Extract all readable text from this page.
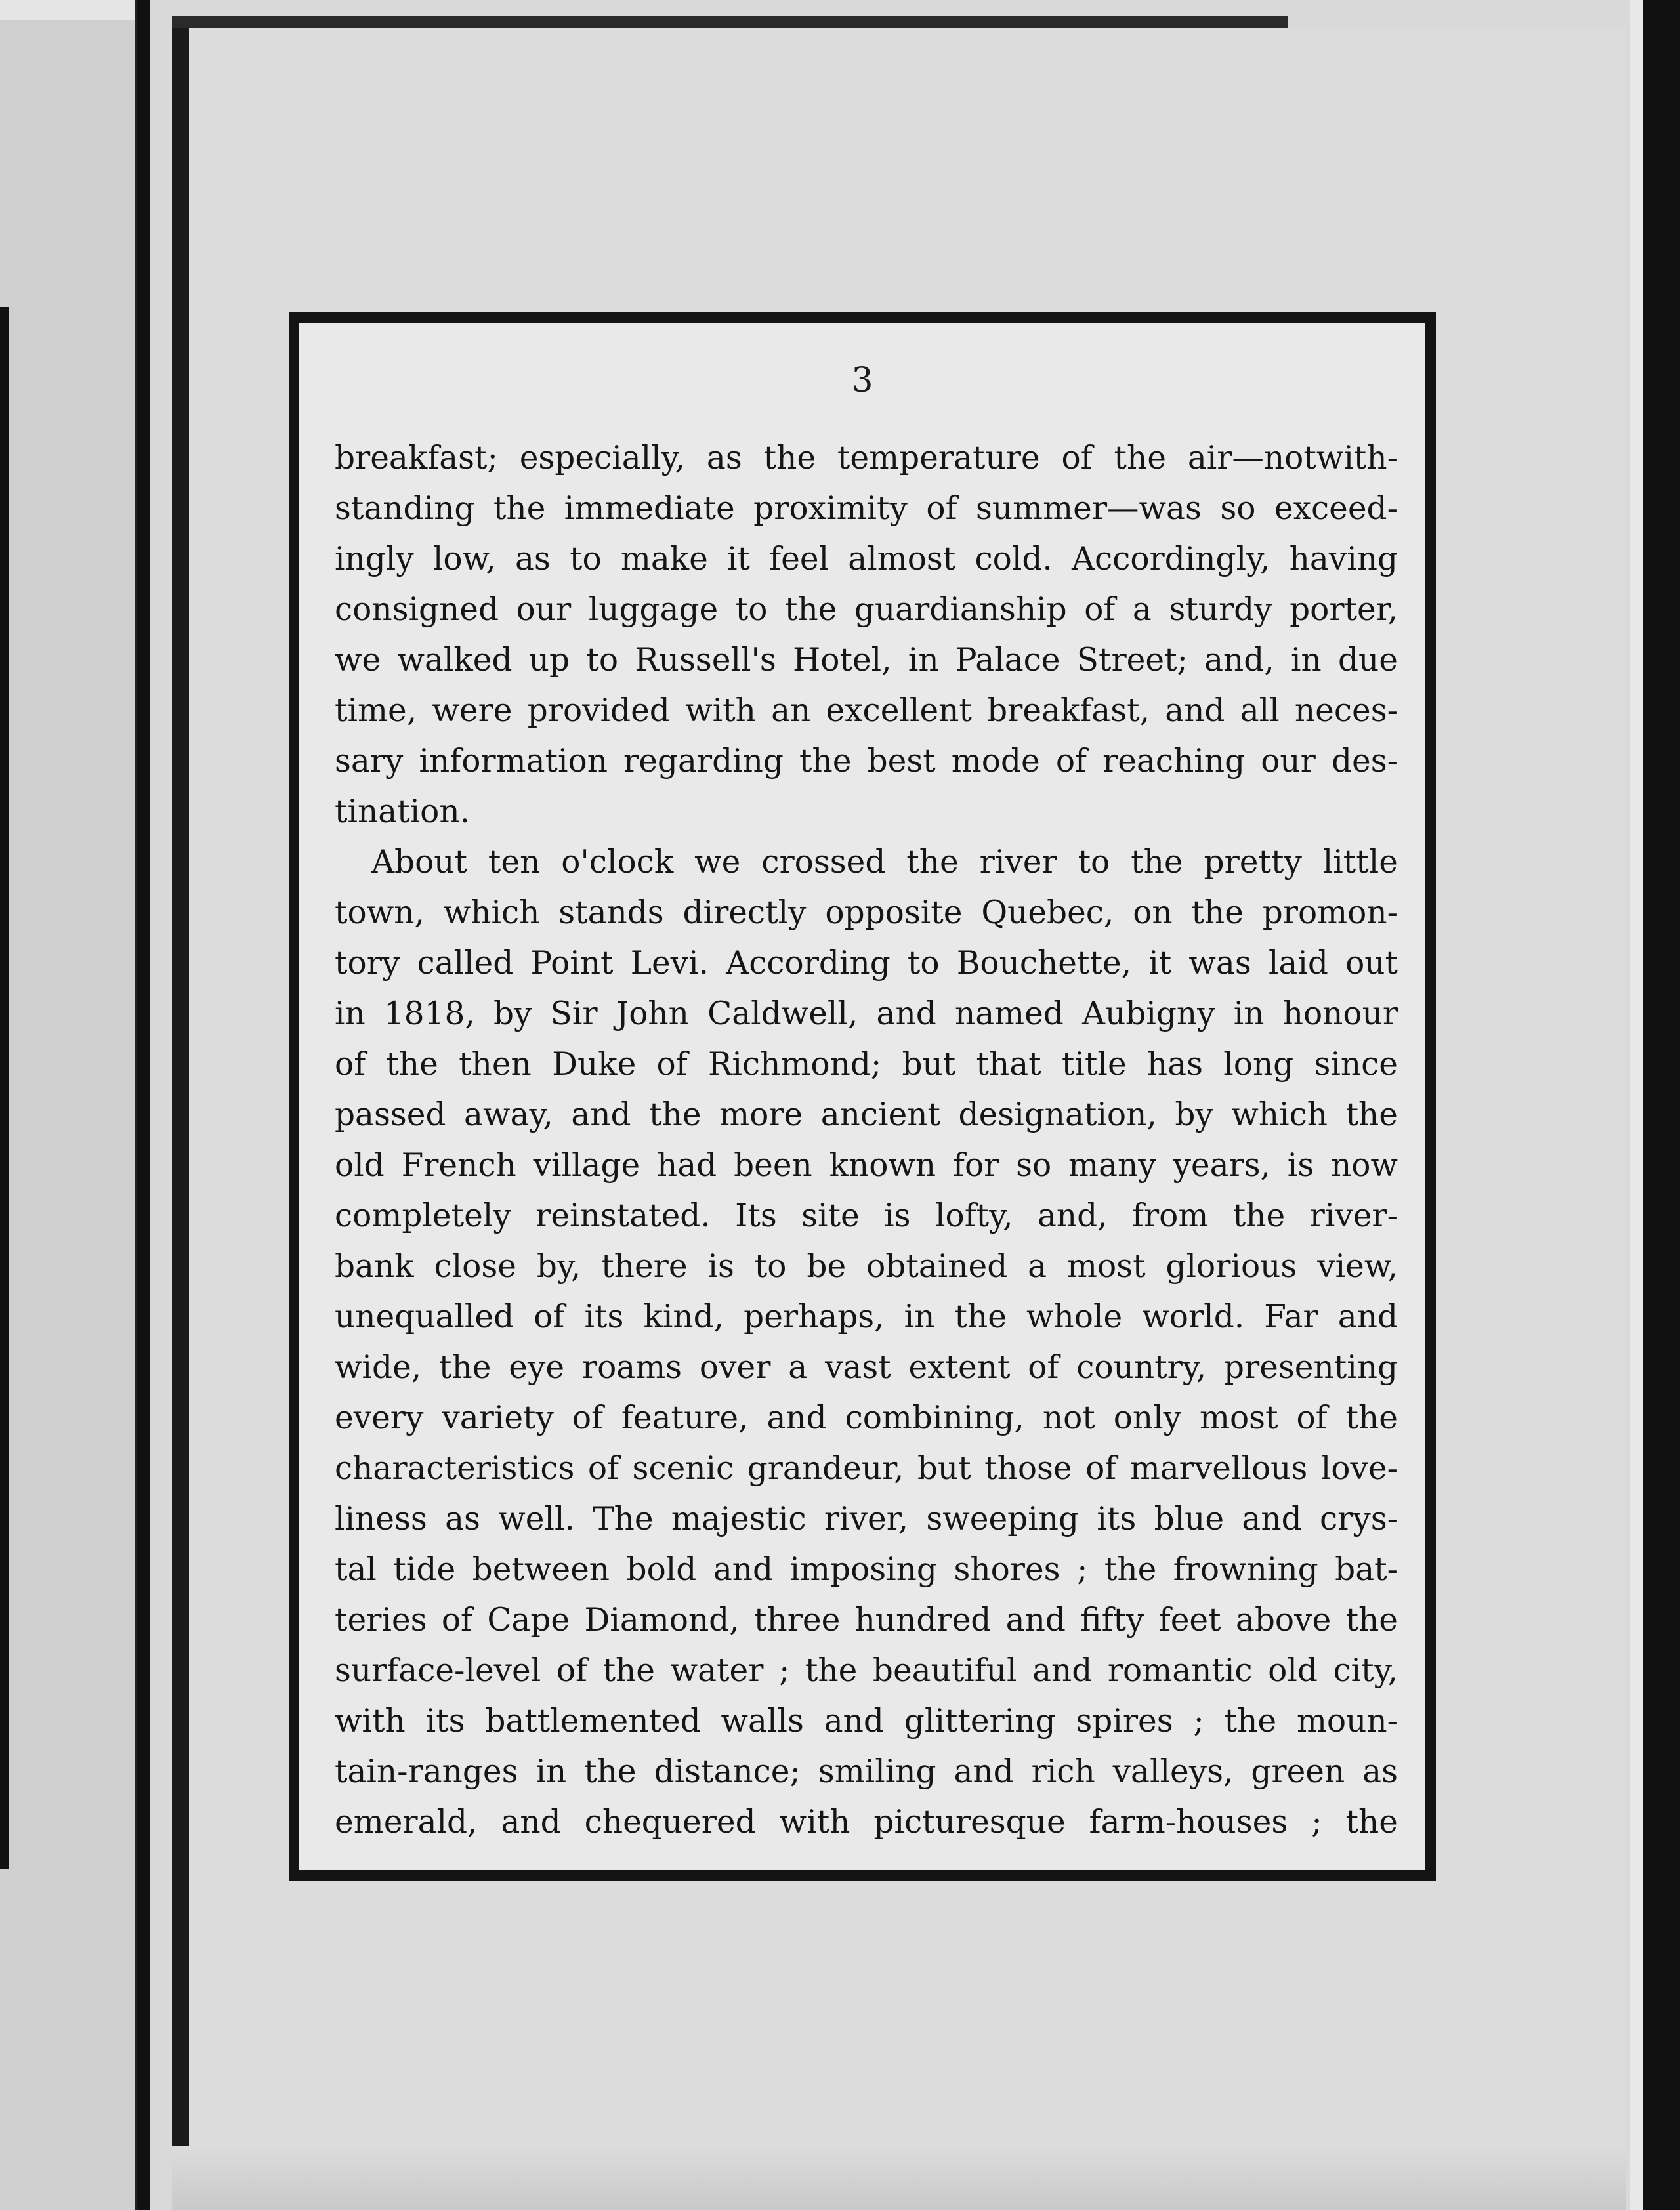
3
breakfast; especially, as the temperature of the air—notwith-
standing the immediate proximity of summer—was so exceed-
ingly low, as to make it feel almost cold. Accordingly, having
consigned our luggage to the guardianship of a sturdy porter,
we walked up to Russell's Hotel, in Palace Street; and, in due
time, were provided with an excellent breakfast, and all neces-
sary information regarding the best mode of reaching our des-
tination.
About ten o'clock we crossed the river to the pretty little
town, which stands directly opposite Quebec, on the promon-
tory called Point Levi. According to Bouchette, it was laid out
in 1818, by Sir John Caldwell, and named Aubigny in honour
of the then Duke of Richmond; but that title has long since
passed away, and the more ancient designation, by which the
old French village had been known for so many years, is now
completely reinstated. Its site is lofty, and, from the river-
bank close by, there is to be obtained a most glorious view,
unequalled of its kind, perhaps, in the whole world. Far and
wide, the eye roams over a vast extent of country, presenting
every variety of feature, and combining, not only most of the
characteristics of scenic grandeur, but those of marvellous love-
liness as well. The majestic river, sweeping its blue and crys-
tal tide between bold and imposing shores ; the frowning bat-
teries of Cape Diamond, three hundred and fifty feet above the
surface-level of the water ; the beautiful and romantic old city,
with its battlemented walls and glittering spires ; the moun-
tain-ranges in the distance; smiling and rich valleys, green as
emerald, and chequered with picturesque farm-houses ; the
